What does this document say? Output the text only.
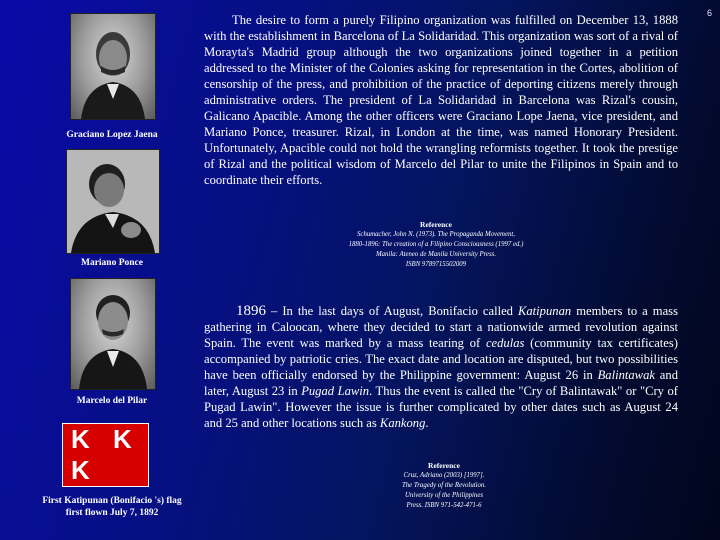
6
Graciano Lopez Jaena
Mariano Ponce
Marcelo del Pilar
K K K
First Katipunan (Bonifacio 's) flag
first flown July 7, 1892
The desire to form a purely Filipino organization was fulfilled on December 13, 1888 with the establishment in Barcelona of La Solidaridad. This organization was sort of a rival of Morayta's Madrid group although the two organizations joined together in a petition addressed to the Minister of the Colonies asking for representation in the Cortes, abolition of censorship of the press, and prohibition of the practice of deporting citizens merely through administrative orders. The president of La Solidaridad in Barcelona was Rizal's cousin, Galicano Apacible. Among the other officers were Graciano Lope Jaena, vice president, and Mariano Ponce, treasurer. Rizal, in London at the time, was named Honorary President. Unfortunately, Apacible could not hold the wrangling reformists together. It took the prestige of Rizal and the political wisdom of Marcelo del Pilar to unite the Filipinos in Spain and to coordinate their efforts.
Reference
Schumacher, John N. (1973). The Propaganda Movement,
1880-1896: The creation of a Filipino Consciousness (1997 ed.)
Manila: Ateneo de Manila University Press.
ISBN 9789715502009
1896 – In the last days of August, Bonifacio called Katipunan members to a mass gathering in Caloocan, where they decided to start a nationwide armed revolution against Spain. The event was marked by a mass tearing of cedulas (community tax certificates) accompanied by patriotic cries. The exact date and location are disputed, but two possibilities have been officially endorsed by the Philippine government: August 26 in Balintawak and later, August 23 in Pugad Lawin. Thus the event is called the "Cry of Balintawak" or "Cry of Pugad Lawin". However the issue is further complicated by other dates such as August 24 and 25 and other locations such as Kankong.
Reference
Cruz, Adriano (2003) [1997].
The Tragedy of the Revolution.
University of the Philippines
Press. ISBN 971-542-471-6
